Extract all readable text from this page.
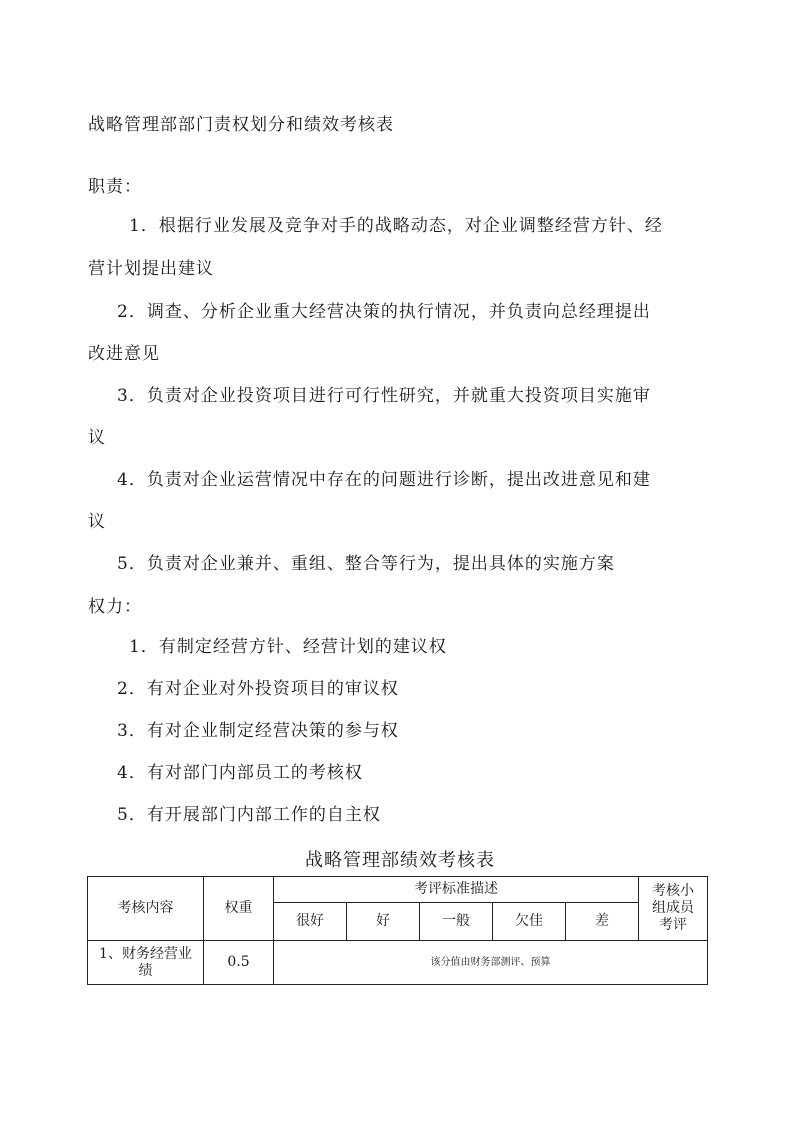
战略管理部部门责权划分和绩效考核表
职责：
1．根据行业发展及竞争对手的战略动态，对企业调整经营方针、经
营计划提出建议
2．调查、分析企业重大经营决策的执行情况，并负责向总经理提出
改进意见
3．负责对企业投资项目进行可行性研究，并就重大投资项目实施审
议
4．负责对企业运营情况中存在的问题进行诊断，提出改进意见和建
议
5．负责对企业兼并、重组、整合等行为，提出具体的实施方案
权力：
1．有制定经营方针、经营计划的建议权
2．有对企业对外投资项目的审议权
3．有对企业制定经营决策的参与权
4．有对部门内部员工的考核权
5．有开展部门内部工作的自主权
战略管理部绩效考核表
考核内容	权重	考评标准描述					考核小
组成员
考评

		很好	好	一般	欠佳	差	

1、财务经营业
绩	0.5	该分值由财务部测评、预算					
